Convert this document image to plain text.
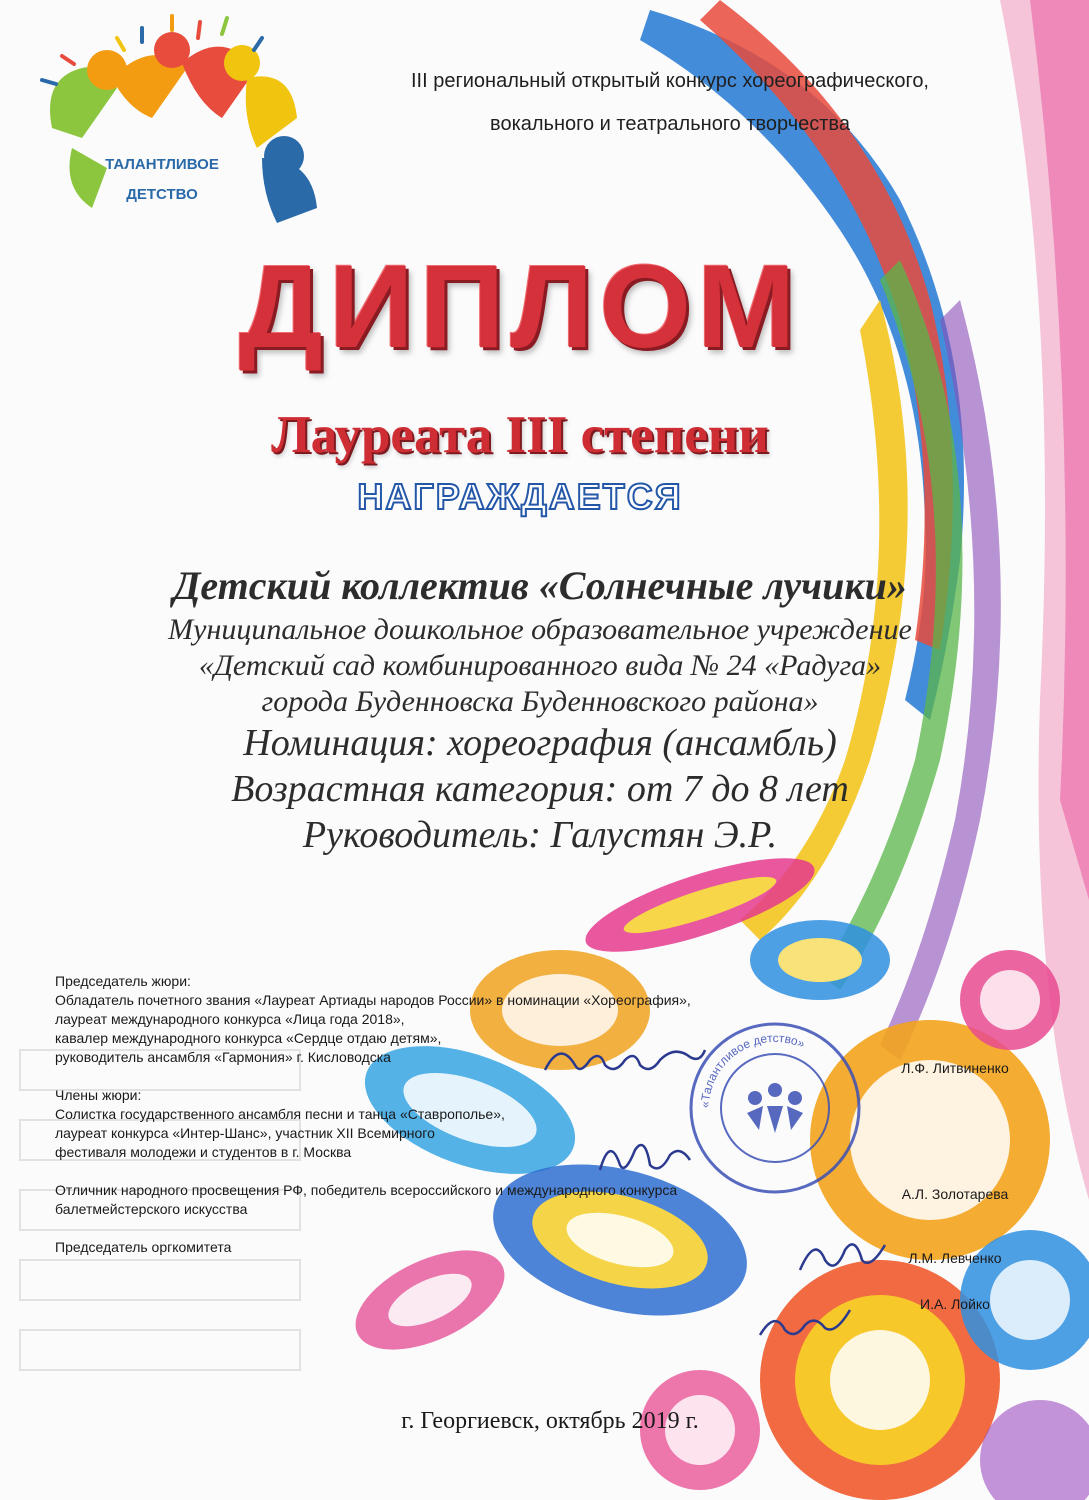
ТАЛАНТЛИВОЕ
ДЕТСТВО
III региональный открытый конкурс хореографического,
вокального и театрального творчества
ДИПЛОМ
Лауреата III степени
НАГРАЖДАЕТСЯ
Детский коллектив «Солнечные лучики»
Муниципальное дошкольное образовательное учреждение
«Детский сад комбинированного вида № 24 «Радуга»
города Буденновска Буденновского района»
Номинация: хореография (ансамбль)
Возрастная категория: от 7 до 8 лет
Руководитель: Галустян Э.Р.
Председатель жюри:
Обладатель почетного звания «Лауреат Артиады народов России» в номинации «Хореография»,
лауреат международного конкурса «Лица года 2018»,
кавалер международного конкурса «Сердце отдаю детям»,
руководитель ансамбля «Гармония» г. Кисловодска
Члены жюри:
Солистка государственного ансамбля песни и танца «Ставрополье»,
лауреат конкурса «Интер-Шанс», участник XII Всемирного
фестиваля молодежи и студентов в г. Москва
Отличник народного просвещения РФ, победитель всероссийского и международного конкурса
балетмейстерского искусства
Председатель оргкомитета
Л.Ф. Литвиненко
А.Л. Золотарева
Л.М. Левченко
И.А. Лойко
«Талантливое детство»
г. Георгиевск, октябрь 2019 г.
